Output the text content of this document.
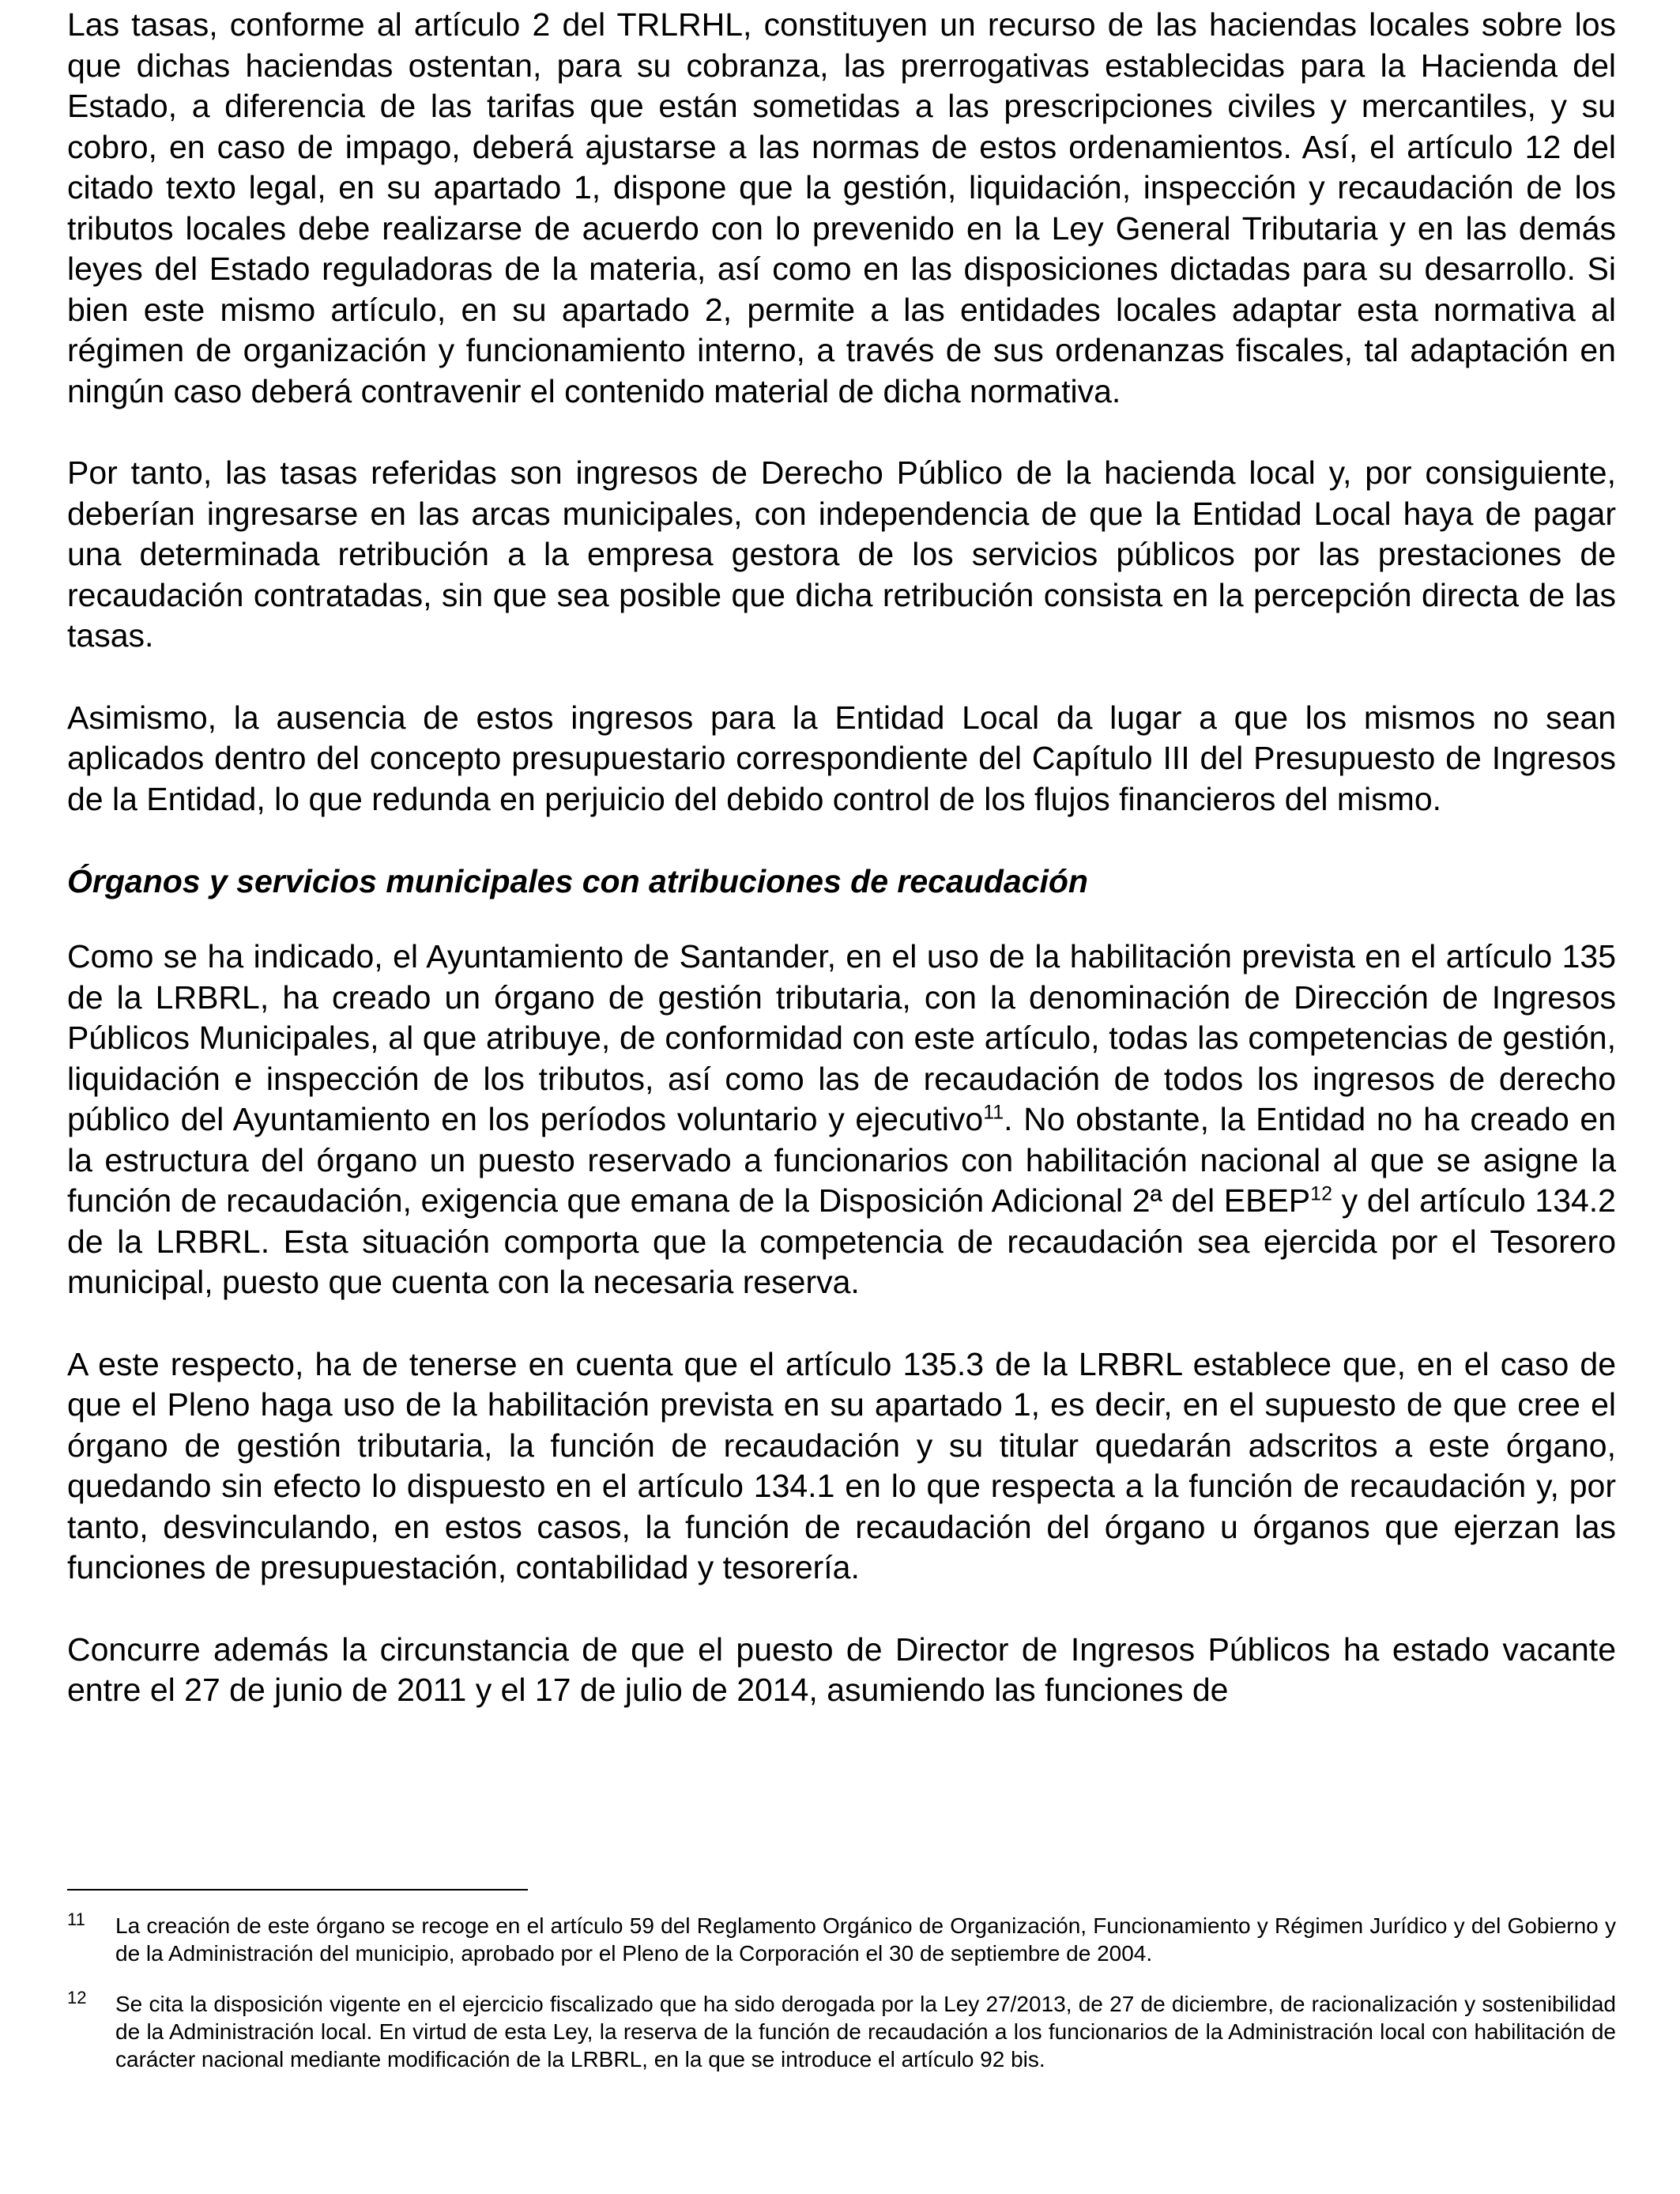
Las tasas, conforme al artículo 2 del TRLRHL, constituyen un recurso de las haciendas locales sobre los que dichas haciendas ostentan, para su cobranza, las prerrogativas establecidas para la Hacienda del Estado, a diferencia de las tarifas que están sometidas a las prescripciones civiles y mercantiles, y su cobro, en caso de impago, deberá ajustarse a las normas de estos ordenamientos. Así, el artículo 12 del citado texto legal, en su apartado 1, dispone que la gestión, liquidación, inspección y recaudación de los tributos locales debe realizarse de acuerdo con lo prevenido en la Ley General Tributaria y en las demás leyes del Estado reguladoras de la materia, así como en las disposiciones dictadas para su desarrollo. Si bien este mismo artículo, en su apartado 2, permite a las entidades locales adaptar esta normativa al régimen de organización y funcionamiento interno, a través de sus ordenanzas fiscales, tal adaptación en ningún caso deberá contravenir el contenido material de dicha normativa.

Por tanto, las tasas referidas son ingresos de Derecho Público de la hacienda local y, por consiguiente, deberían ingresarse en las arcas municipales, con independencia de que la Entidad Local haya de pagar una determinada retribución a la empresa gestora de los servicios públicos por las prestaciones de recaudación contratadas, sin que sea posible que dicha retribución consista en la percepción directa de las tasas.

Asimismo, la ausencia de estos ingresos para la Entidad Local da lugar a que los mismos no sean aplicados dentro del concepto presupuestario correspondiente del Capítulo III del Presupuesto de Ingresos de la Entidad, lo que redunda en perjuicio del debido control de los flujos financieros del mismo.

Órganos y servicios municipales con atribuciones de recaudación

Como se ha indicado, el Ayuntamiento de Santander, en el uso de la habilitación prevista en el artículo 135 de la LRBRL, ha creado un órgano de gestión tributaria, con la denominación de Dirección de Ingresos Públicos Municipales, al que atribuye, de conformidad con este artículo, todas las competencias de gestión, liquidación e inspección de los tributos, así como las de recaudación de todos los ingresos de derecho público del Ayuntamiento en los períodos voluntario y ejecutivo$^{11}$. No obstante, la Entidad no ha creado en la estructura del órgano un puesto reservado a funcionarios con habilitación nacional al que se asigne la función de recaudación, exigencia que emana de la Disposición Adicional 2ª del EBEP$^{12}$ y del artículo 134.2 de la LRBRL. Esta situación comporta que la competencia de recaudación sea ejercida por el Tesorero municipal, puesto que cuenta con la necesaria reserva.

A este respecto, ha de tenerse en cuenta que el artículo 135.3 de la LRBRL establece que, en el caso de que el Pleno haga uso de la habilitación prevista en su apartado 1, es decir, en el supuesto de que cree el órgano de gestión tributaria, la función de recaudación y su titular quedarán adscritos a este órgano, quedando sin efecto lo dispuesto en el artículo 134.1 en lo que respecta a la función de recaudación y, por tanto, desvinculando, en estos casos, la función de recaudación del órgano u órganos que ejerzan las funciones de presupuestación, contabilidad y tesorería.

Concurre además la circunstancia de que el puesto de Director de Ingresos Públicos ha estado vacante entre el 27 de junio de 2011 y el 17 de julio de 2014, asumiendo las funciones de

11	La creación de este órgano se recoge en el artículo 59 del Reglamento Orgánico de Organización, Funcionamiento y Régimen Jurídico y del Gobierno y de la Administración del municipio, aprobado por el Pleno de la Corporación el 30 de septiembre de 2004.
12	Se cita la disposición vigente en el ejercicio fiscalizado que ha sido derogada por la Ley 27/2013, de 27 de diciembre, de racionalización y sostenibilidad de la Administración local. En virtud de esta Ley, la reserva de la función de recaudación a los funcionarios de la Administración local con habilitación de carácter nacional mediante modificación de la LRBRL, en la que se introduce el artículo 92 bis.
